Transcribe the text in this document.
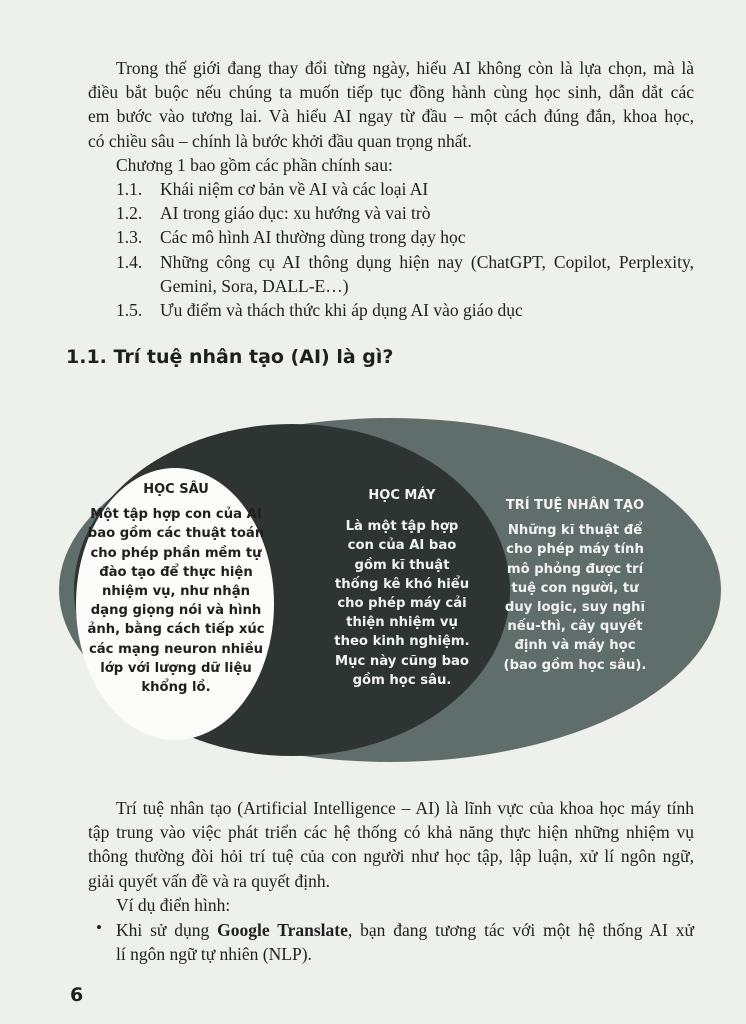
Trong thế giới đang thay đổi từng ngày, hiểu AI không còn là lựa chọn, mà là
điều bắt buộc nếu chúng ta muốn tiếp tục đồng hành cùng học sinh, dẫn dắt các
em bước vào tương lai. Và hiểu AI ngay từ đầu – một cách đúng đắn, khoa học,
có chiều sâu – chính là bước khởi đầu quan trọng nhất.
Chương 1 bao gồm các phần chính sau:
1.1.	Khái niệm cơ bản về AI và các loại AI
1.2.	AI trong giáo dục: xu hướng và vai trò
1.3.	Các mô hình AI thường dùng trong dạy học
1.4.	Những công cụ AI thông dụng hiện nay (ChatGPT, Copilot, Perplexity,
Gemini, Sora, DALL-E…)
1.5.	Ưu điểm và thách thức khi áp dụng AI vào giáo dục
1.1. Trí tuệ nhân tạo (AI) là gì?
HỌC SÂU
Một tập hợp con của AI
bao gồm các thuật toán
cho phép phần mềm tự
đào tạo để thực hiện
nhiệm vụ, như nhận
dạng giọng nói và hình
ảnh, bằng cách tiếp xúc
các mạng neuron nhiều
lớp với lượng dữ liệu
khổng lồ.
HỌC MÁY
Là một tập hợp
con của AI bao
gồm kĩ thuật
thống kê khó hiểu
cho phép máy cải
thiện nhiệm vụ
theo kinh nghiệm.
Mục này cũng bao
gồm học sâu.
TRÍ TUỆ NHÂN TẠO
Những kĩ thuật để
cho phép máy tính
mô phỏng được trí
tuệ con người, tư
duy logic, suy nghĩ
nếu-thì, cây quyết
định và máy học
(bao gồm học sâu).
Trí tuệ nhân tạo (Artificial Intelligence – AI) là lĩnh vực của khoa học máy tính
tập trung vào việc phát triển các hệ thống có khả năng thực hiện những nhiệm vụ
thông thường đòi hỏi trí tuệ của con người như học tập, lập luận, xử lí ngôn ngữ,
giải quyết vấn đề và ra quyết định.
Ví dụ điển hình:
• Khi sử dụng Google Translate, bạn đang tương tác với một hệ thống AI xử
lí ngôn ngữ tự nhiên (NLP).
6
